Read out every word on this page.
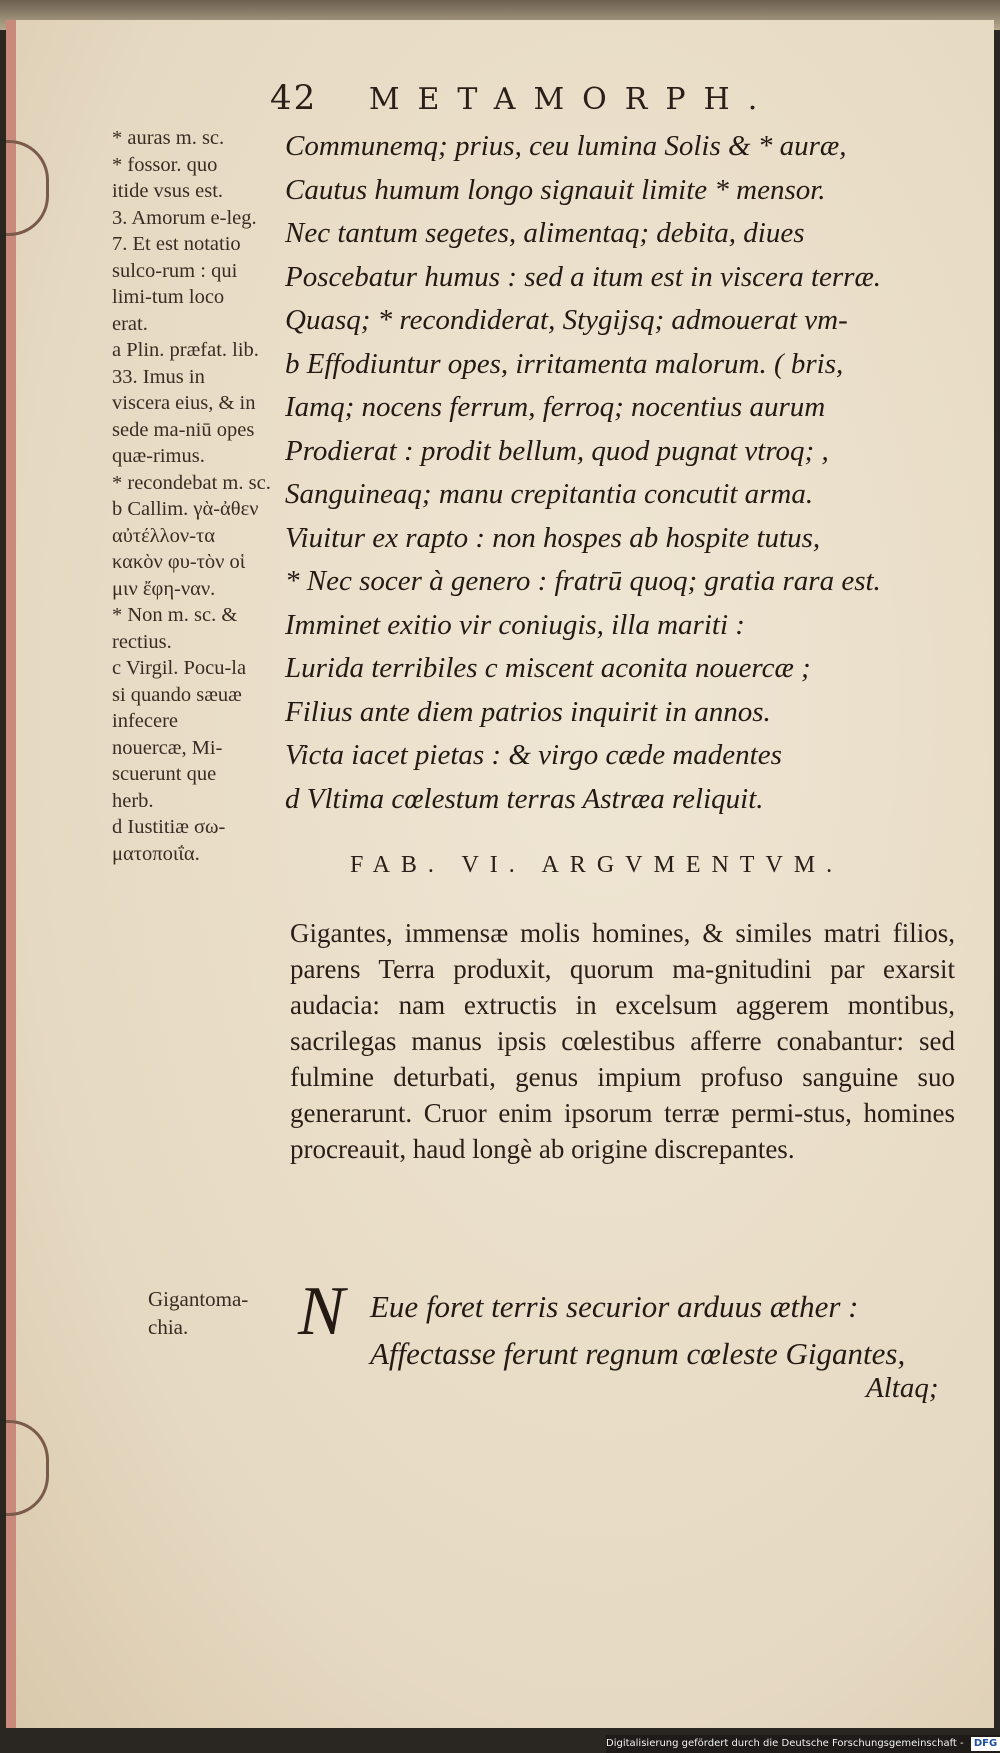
42 METAMORPH.
* auras m. sc.
* fossor. quo itide vsus est.
3. Amorum e-leg. 7. Et est notatio sulco-rum : qui limi-tum loco erat.
a Plin. præfat. lib. 33. Imus in viscera eius, & in sede ma-niū opes quæ-rimus.
* recondebat m. sc.
b Callim. γὰ-ἀθεν αὐτέλλον-τα κακὸν φυ-τὸν οἱ μιν ἔφη-ναν.
* Non m. sc. & rectius.
c Virgil. Pocu-la si quando sæuæ infecere nouercæ, Mi-scuerunt que herb.
d Iustitiæ σω-ματοποιΐα.
Communemq; prius, ceu lumina Solis & * auræ,
Cautus humum longo signauit limite * mensor.
Nec tantum segetes, alimentaq; debita, diues
Poscebatur humus : sed a itum est in viscera terræ.
Quasq; * recondiderat, Stygijsq; admouerat vm-
b Effodiuntur opes, irritamenta malorum. ( bris,
Iamq; nocens ferrum, ferroq; nocentius aurum
Prodierat : prodit bellum, quod pugnat vtroq; ,
Sanguineaq; manu crepitantia concutit arma.
Viuitur ex rapto : non hospes ab hospite tutus,
* Nec socer à genero : fratrū quoq; gratia rara est.
Imminet exitio vir coniugis, illa mariti :
Lurida terribiles c miscent aconita nouercæ ;
Filius ante diem patrios inquirit in annos.
Victa iacet pietas : & virgo cæde madentes
d Vltima cœlestum terras Astræa reliquit.
FAB. VI. ARGVMENTVM.
Gigantes, immensæ molis homines, & similes matri filios, parens Terra produxit, quorum ma-gnitudini par exarsit audacia: nam extructis in excelsum aggerem montibus, sacrilegas manus ipsis cœlestibus afferre conabantur: sed fulmine deturbati, genus impium profuso sanguine suo generarunt. Cruor enim ipsorum terræ permi-stus, homines procreauit, haud longè ab origine discrepantes.
Gigantoma-chia.	N Eue foret terris securior arduus æther :
Affectasse ferunt regnum cœleste Gigantes,
Altaq;
Digitalisierung gefördert durch die Deutsche Forschungsgemeinschaft - DFG
